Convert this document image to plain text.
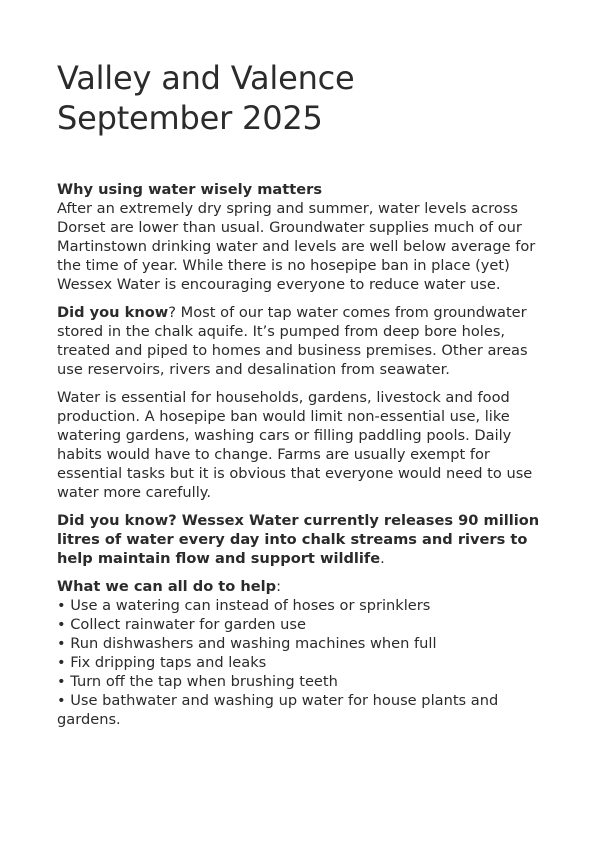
Valley and Valence
September 2025

Why using water wisely matters
After an extremely dry spring and summer, water levels across Dorset are lower than usual. Groundwater supplies much of our Martinstown drinking water and levels are well below average for the time of year. While there is no hosepipe ban in place (yet) Wessex Water is encouraging everyone to reduce water use.

Did you know? Most of our tap water comes from groundwater stored in the chalk aquife. It’s pumped from deep bore holes, treated and piped to homes and business premises. Other areas use reservoirs, rivers and desalination from seawater.

Water is essential for households, gardens, livestock and food production. A hosepipe ban would limit non-essential use, like watering gardens, washing cars or filling paddling pools. Daily habits would have to change. Farms are usually exempt for essential tasks but it is obvious that everyone would need to use water more carefully.

Did you know? Wessex Water currently releases 90 million litres of water every day into chalk streams and rivers to help maintain flow and support wildlife.

What we can all do to help:
• Use a watering can instead of hoses or sprinklers
• Collect rainwater for garden use
• Run dishwashers and washing machines when full
• Fix dripping taps and leaks
• Turn off the tap when brushing teeth
• Use bathwater and washing up water for house plants and gardens.
